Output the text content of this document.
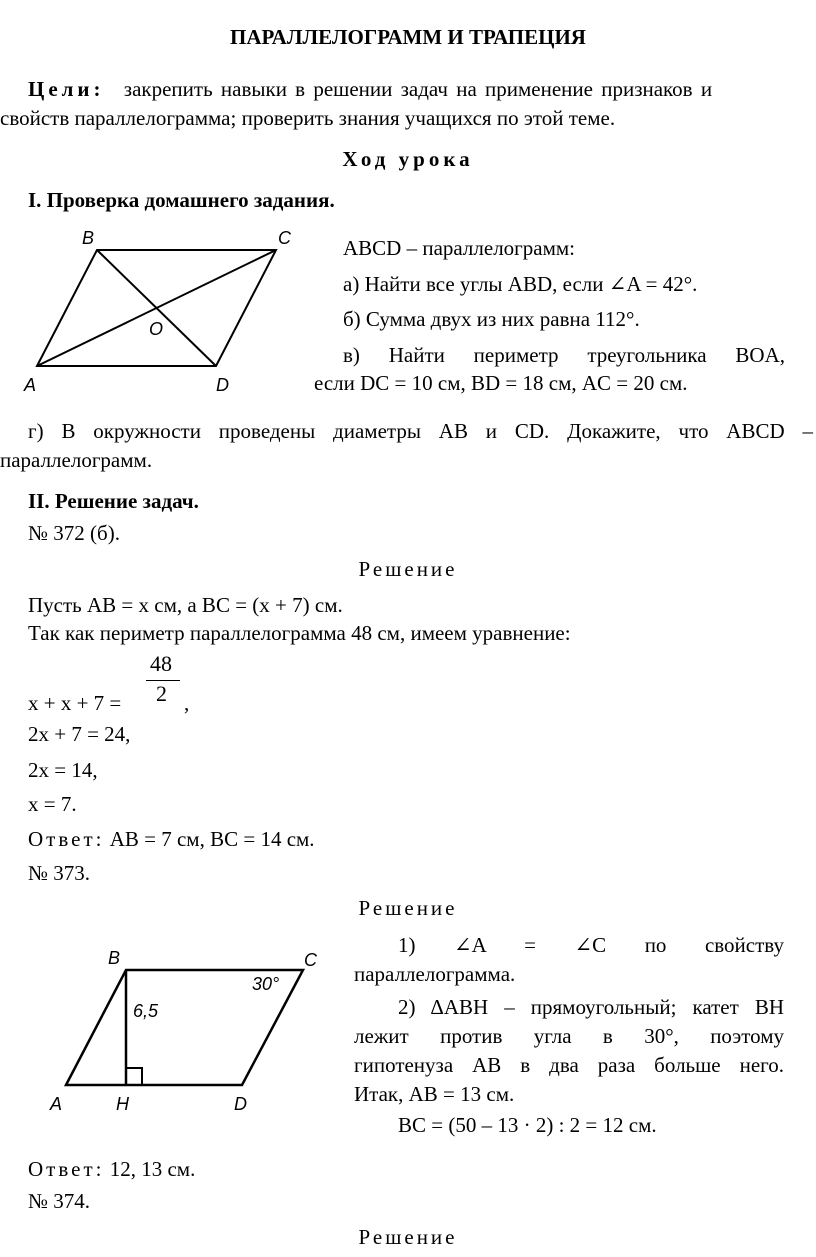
ПАРАЛЛЕЛОГРАММ И ТРАПЕЦИЯ
Цели: закрепить навыки в решении задач на применение признаков и
свойств параллелограмма; проверить знания учащихся по этой теме.
Ход урока
I. Проверка домашнего задания.
B	C
O
A	D
ABCD – параллелограмм:
а) Найти все углы ABD, если ∠A = 42°.
б) Сумма двух из них равна 112°.
в) Найти периметр треугольника BOA,
если DC = 10 см, BD = 18 см, AC = 20 см.
г) В окружности проведены диаметры AB и CD. Докажите, что ABCD –
параллелограмм.
II. Решение задач.
№ 372 (б).
Решение
Пусть AB = x см, а BC = (x + 7) см.
Так как периметр параллелограмма 48 см, имеем уравнение:
48
2
x + x + 7 =	,
2x + 7 = 24,
2x = 14,
x = 7.
Ответ: AB = 7 см, BC = 14 см.
№ 373.
Решение
B	C
6,5
30°
A	H	D
1) ∠A = ∠C по свойству
параллелограмма.
2) ΔABH – прямоугольный; катет BH
лежит против угла в 30°, поэтому
гипотенуза AB в два раза больше него.
Итак, AB = 13 см.
BC = (50 – 13 · 2) : 2 = 12 см.
Ответ: 12, 13 см.
№ 374.
Решение
